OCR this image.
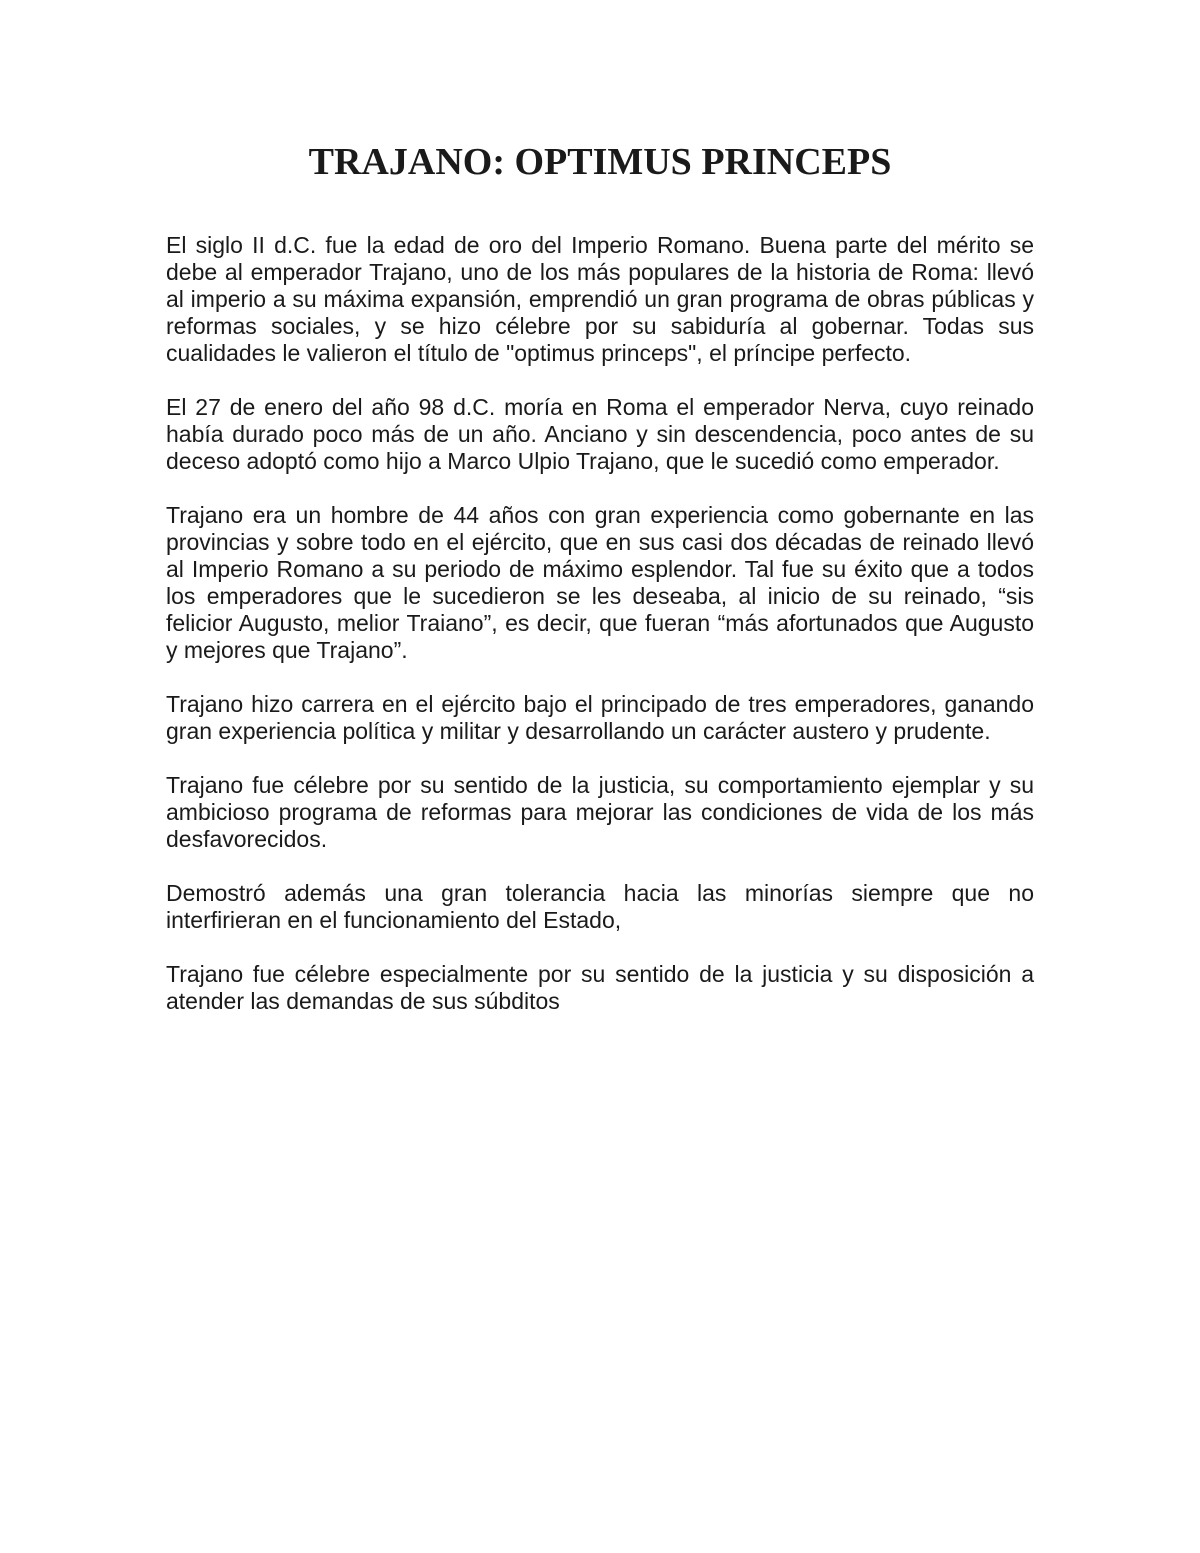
TRAJANO: OPTIMUS PRINCEPS

El siglo II d.C. fue la edad de oro del Imperio Romano. Buena parte del mérito se debe al emperador Trajano, uno de los más populares de la historia de Roma: llevó al imperio a su máxima expansión, emprendió un gran programa de obras públicas y reformas sociales, y se hizo célebre por su sabiduría al gobernar. Todas sus cualidades le valieron el título de "optimus princeps", el príncipe perfecto.

El 27 de enero del año 98 d.C. moría en Roma el emperador Nerva, cuyo reinado había durado poco más de un año. Anciano y sin descendencia, poco antes de su deceso adoptó como hijo a Marco Ulpio Trajano, que le sucedió como emperador.

Trajano era un hombre de 44 años con gran experiencia como gobernante en las provincias y sobre todo en el ejército, que en sus casi dos décadas de reinado llevó al Imperio Romano a su periodo de máximo esplendor. Tal fue su éxito que a todos los emperadores que le sucedieron se les deseaba, al inicio de su reinado, “sis felicior Augusto, melior Traiano”, es decir, que fueran “más afortunados que Augusto y mejores que Trajano”.

Trajano hizo carrera en el ejército bajo el principado de tres emperadores, ganando gran experiencia política y militar y desarrollando un carácter austero y prudente.

Trajano fue célebre por su sentido de la justicia, su comportamiento ejemplar y su ambicioso programa de reformas para mejorar las condiciones de vida de los más desfavorecidos.

Demostró además una gran tolerancia hacia las minorías siempre que no interfirieran en el funcionamiento del Estado,

Trajano fue célebre especialmente por su sentido de la justicia y su disposición a atender las demandas de sus súbditos
